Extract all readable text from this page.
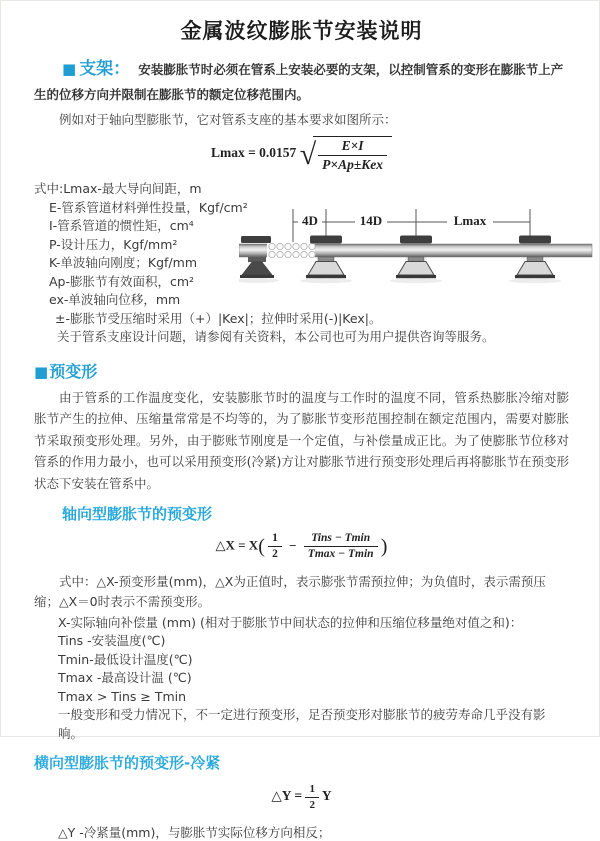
金属波纹膨胀节安装说明
■ 支架： 安装膨胀节时必须在管系上安装必要的支架，以控制管系的变形在膨胀节上产生的位移方向并限制在膨胀节的额定位移范围内。
例如对于轴向型膨胀节，它对管系支座的基本要求如图所示：
Lmax = 0.0157 √ $\frac{E\times I}{\text{P×Ap±Kex}}$
式中:Lmax-最大导向间距，m
E-管系管道材料弹性投量，Kgf/cm²
I-管系管道的惯性矩，cm⁴
P-设计压力，Kgf/mm²
K-单波轴向刚度；Kgf/mm
Ap-膨胀节有效面积，cm²
ex-单波轴向位移，mm
±-膨胀节受压缩时采用（+）|Kex|；拉伸时采用(-)|Kex|。
关于管系支座设计问题，请参阅有关资料，本公司也可为用户提供咨询等服务。
4D	14D	Lmax
■预变形

由于管系的工作温度变化，安装膨胀节时的温度与工作时的温度不同，管系热膨胀冷缩对膨胀节产生的拉伸、压缩量常常是不均等的，为了膨胀节变形范围控制在额定范围内，需要对膨胀节采取预变形处理。另外，由于膨账节刚度是一个定值，与补偿量成正比。为了使膨胀节位移对管系的作用力最小，也可以采用预变形(冷紧)方让对膨胀节进行预变形处理后再将膨胀节在预变形状态下安装在管系中。

轴向型膨胀节的预变形
△X = $X( \frac{1}{2} - \frac{\text{Tins − Tmin}}{Tmax - Tmin}$ )

式中：△X-预变形量(mm)，△X为正值时，表示膨张节需预拉伸；为负值时，表示需预压缩；△X＝0时表示不需预变形。

X-实际轴向补偿量 (mm) (相对于膨胀节中间状态的拉伸和压缩位移量绝对值之和)：
Tins -安装温度(℃)
Tmin-最低设计温度(℃)
Tmax -最高设计温 (℃)
Tmax > Tins ≥ Tmin
一般变形和受力情况下，不一定进行预变形，足否预变形对膨胀节的疲劳寿命几乎没有影响。
横向型膨胀节的预变形-冷紧
△Y = $\frac{1}{2}$ Y
△Y -冷紧量(mm)，与膨胀节实际位移方向相反；
